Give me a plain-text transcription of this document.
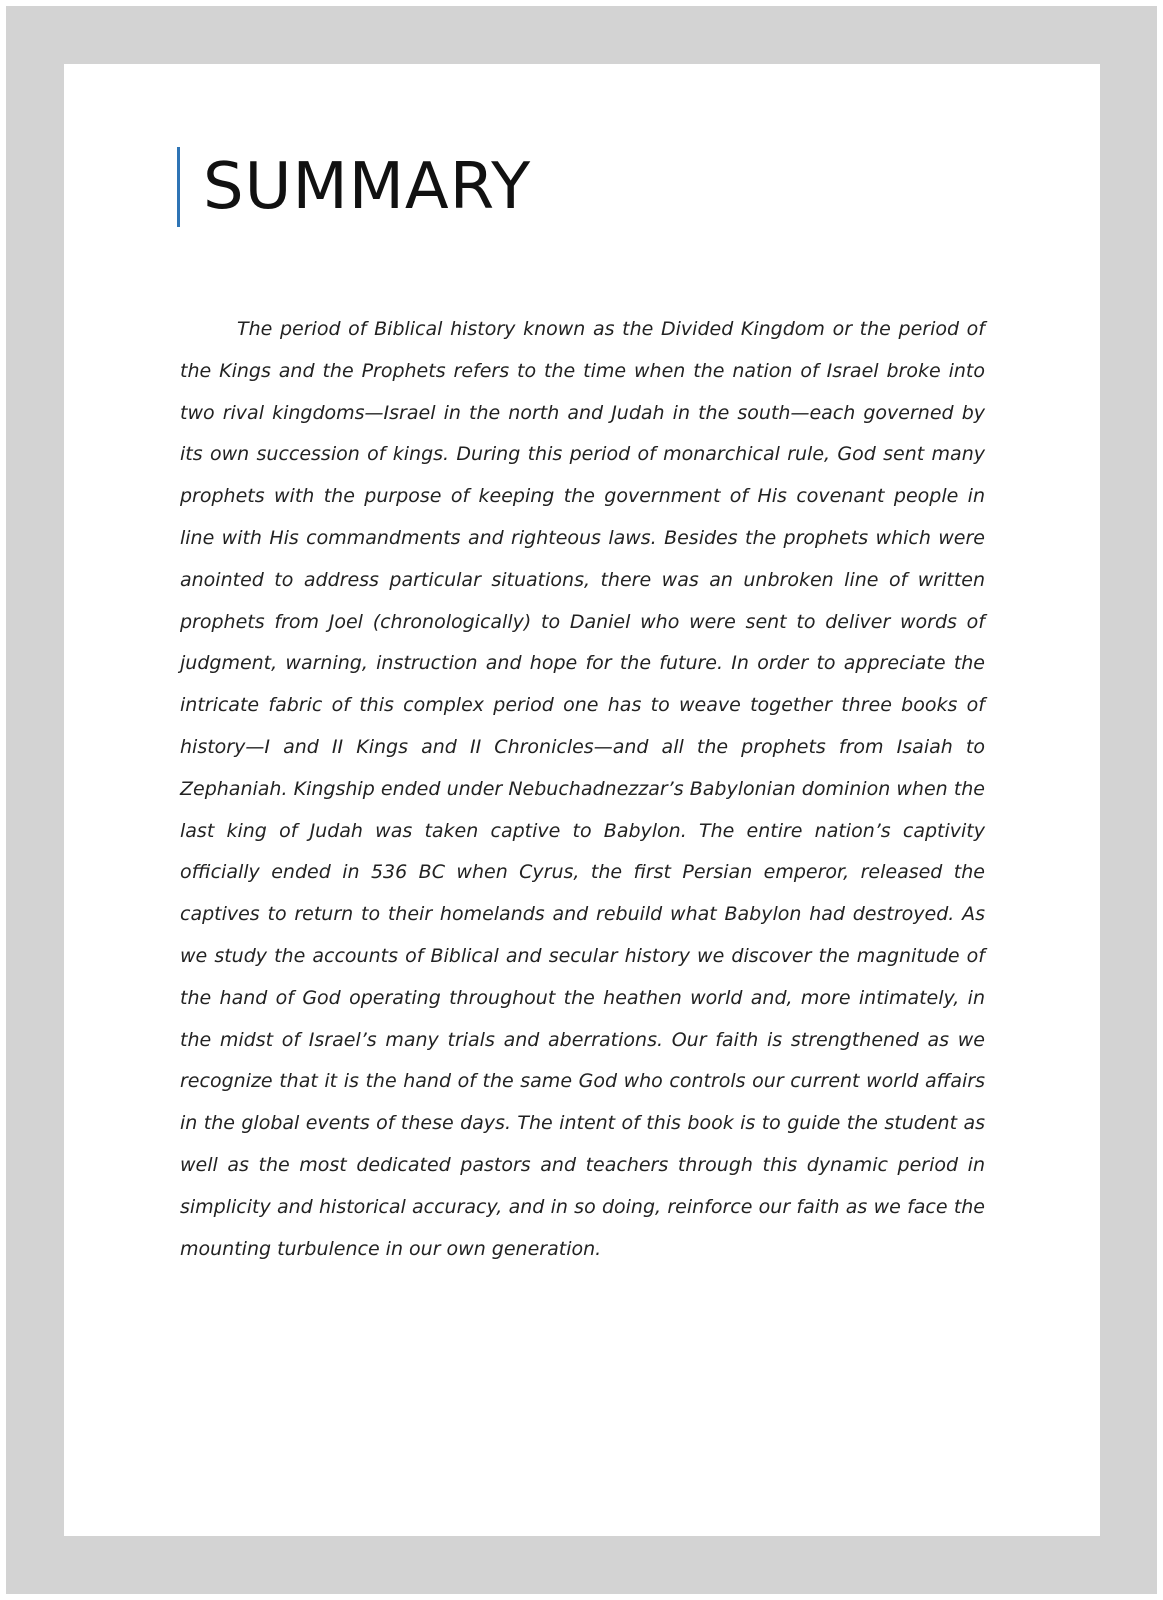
SUMMARY

The period of Biblical history known as the Divided Kingdom or the period of the Kings and the Prophets refers to the time when the nation of Israel broke into two rival kingdoms—Israel in the north and Judah in the south—each governed by its own succession of kings. During this period of monarchical rule, God sent many prophets with the purpose of keeping the government of His covenant people in line with His commandments and righteous laws. Besides the prophets which were anointed to address particular situations, there was an unbroken line of written prophets from Joel (chronologically) to Daniel who were sent to deliver words of judgment, warning, instruction and hope for the future. In order to appreciate the intricate fabric of this complex period one has to weave together three books of history—I and II Kings and II Chronicles—and all the prophets from Isaiah to Zephaniah. Kingship ended under Nebuchadnezzar’s Babylonian dominion when the last king of Judah was taken captive to Babylon. The entire nation’s captivity officially ended in 536 BC when Cyrus, the first Persian emperor, released the captives to return to their homelands and rebuild what Babylon had destroyed. As we study the accounts of Biblical and secular history we discover the magnitude of the hand of God operating throughout the heathen world and, more intimately, in the midst of Israel’s many trials and aberrations. Our faith is strengthened as we recognize that it is the hand of the same God who controls our current world affairs in the global events of these days. The intent of this book is to guide the student as well as the most dedicated pastors and teachers through this dynamic period in simplicity and historical accuracy, and in so doing, reinforce our faith as we face the mounting turbulence in our own generation.
